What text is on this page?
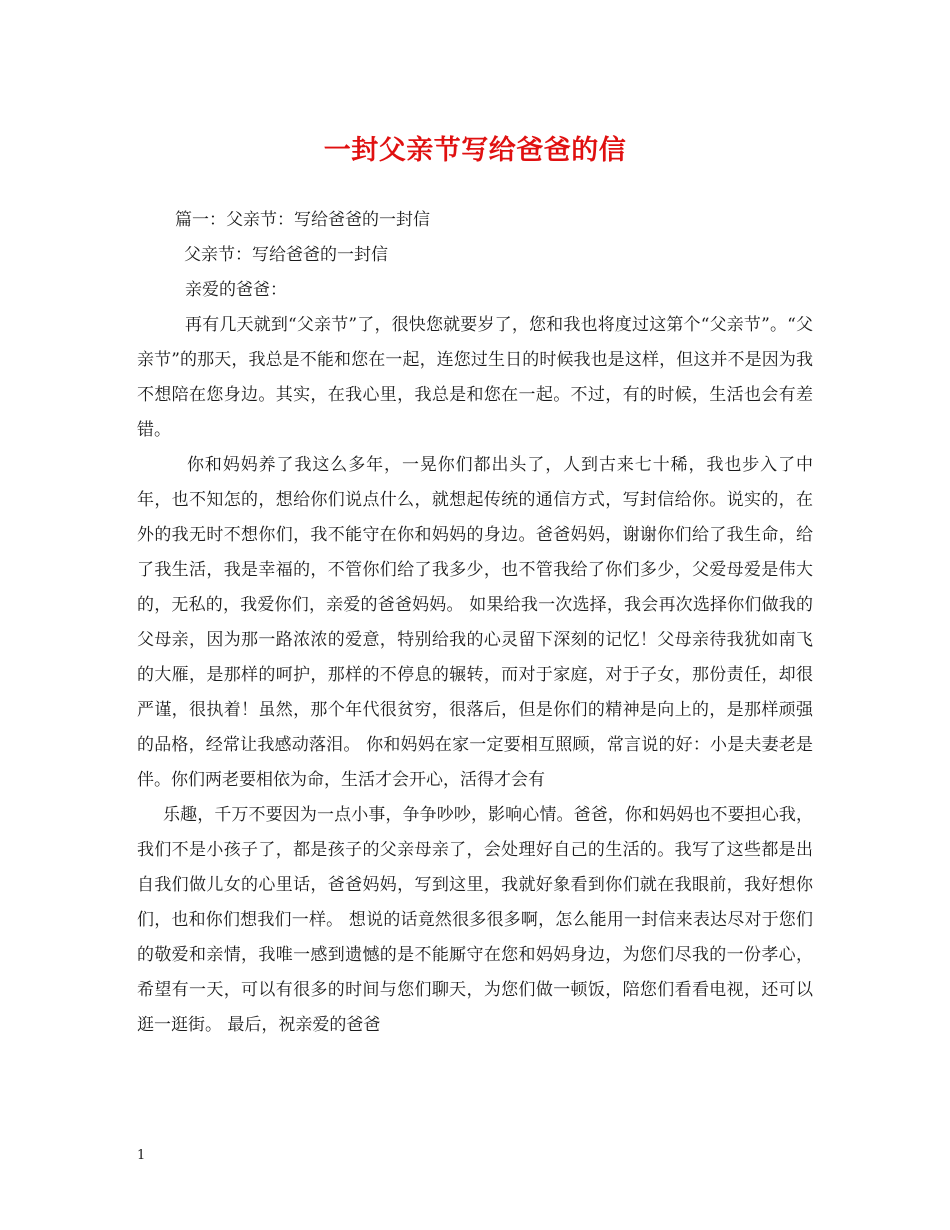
一封父亲节写给爸爸的信

篇一：父亲节：写给爸爸的一封信

父亲节：写给爸爸的一封信

亲爱的爸爸：

再有几天就到“父亲节”了，很快您就要岁了，您和我也将度过这第个“父亲节”。“父亲节”的那天，我总是不能和您在一起，连您过生日的时候我也是这样，但这并不是因为我不想陪在您身边。其实，在我心里，我总是和您在一起。不过，有的时候，生活也会有差错。

你和妈妈养了我这么多年，一晃你们都出头了，人到古来七十稀，我也步入了中年，也不知怎的，想给你们说点什么，就想起传统的通信方式，写封信给你。说实的，在外的我无时不想你们，我不能守在你和妈妈的身边。爸爸妈妈，谢谢你们给了我生命，给了我生活，我是幸福的，不管你们给了我多少，也不管我给了你们多少，父爱母爱是伟大的，无私的，我爱你们，亲爱的爸爸妈妈。 如果给我一次选择，我会再次选择你们做我的父母亲，因为那一路浓浓的爱意，特别给我的心灵留下深刻的记忆！父母亲待我犹如南飞的大雁，是那样的呵护，那样的不停息的辗转，而对于家庭，对于子女，那份责任，却很严谨，很执着！虽然，那个年代很贫穷，很落后，但是你们的精神是向上的，是那样顽强的品格，经常让我感动落泪。 你和妈妈在家一定要相互照顾，常言说的好：小是夫妻老是伴。你们两老要相依为命，生活才会开心，活得才会有

乐趣，千万不要因为一点小事，争争吵吵，影响心情。爸爸，你和妈妈也不要担心我，我们不是小孩子了，都是孩子的父亲母亲了，会处理好自己的生活的。我写了这些都是出自我们做儿女的心里话，爸爸妈妈，写到这里，我就好象看到你们就在我眼前，我好想你们，也和你们想我们一样。 想说的话竟然很多很多啊，怎么能用一封信来表达尽对于您们的敬爱和亲情，我唯一感到遗憾的是不能厮守在您和妈妈身边，为您们尽我的一份孝心，希望有一天，可以有很多的时间与您们聊天，为您们做一顿饭，陪您们看看电视，还可以逛一逛街。 最后，祝亲爱的爸爸

1
